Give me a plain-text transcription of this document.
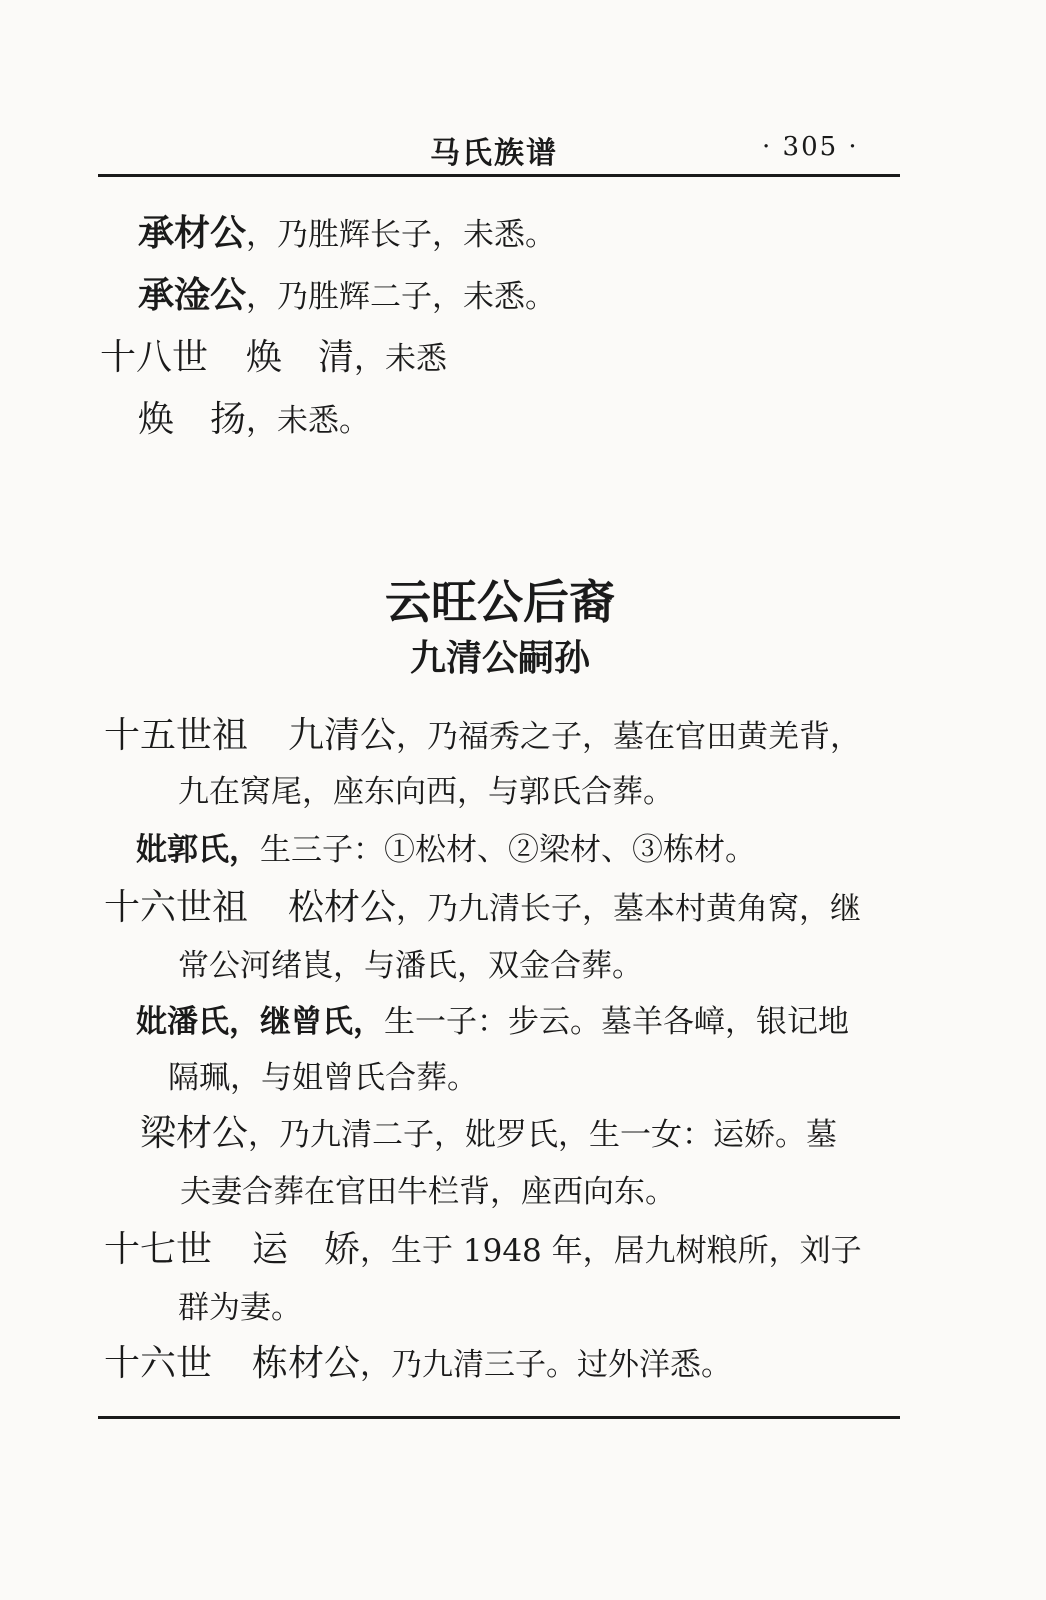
马氏族谱	· 305 ·
承材公，乃胜辉长子，未悉。
承淦公，乃胜辉二子，未悉。
十八世 焕　清，未悉
焕　扬，未悉。
云旺公后裔
九清公嗣孙
十五世祖 九清公，乃福秀之子，墓在官田黄羌背，
九在窝尾，座东向西，与郭氏合葬。
妣郭氏，生三子：①松材、②梁材、③栋材。
十六世祖 松材公，乃九清长子，墓本村黄角窝，继
常公河绪崀，与潘氏，双金合葬。
妣潘氏，继曾氏，生一子：步云。墓羊各嶂，银记地
隔珮，与姐曾氏合葬。
梁材公，乃九清二子，妣罗氏，生一女：运娇。墓
夫妻合葬在官田牛栏背，座西向东。
十七世 运　娇，生于 1948 年，居九树粮所，刘子
群为妻。
十六世 栋材公，乃九清三子。过外洋悉。
